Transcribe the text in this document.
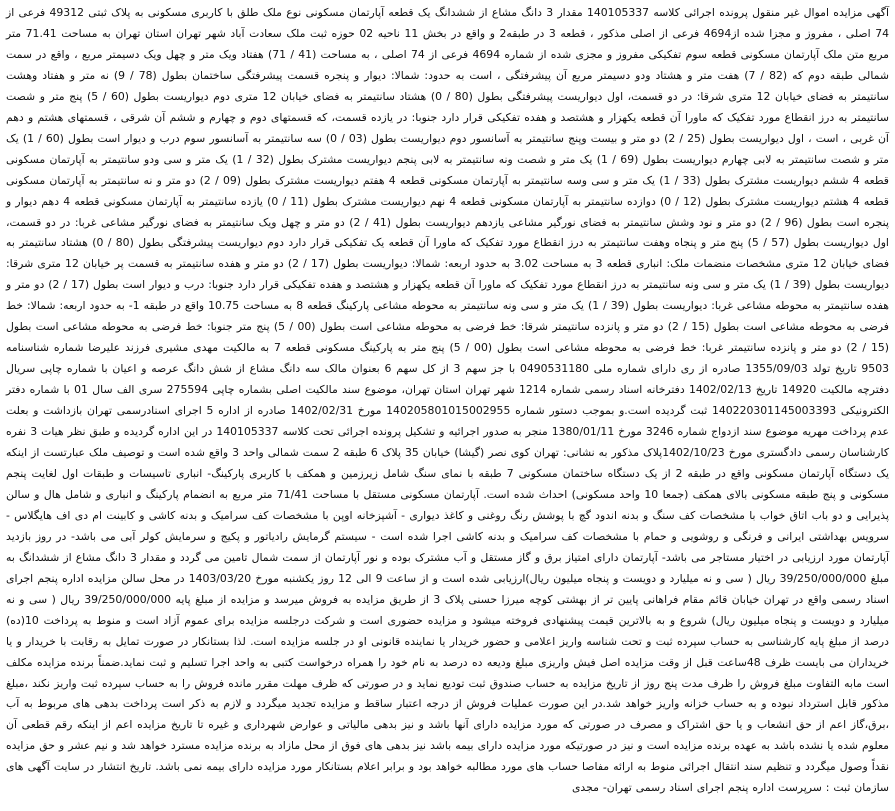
آگهی مزایده اموال غیر منقول پرونده اجرائی کلاسه 140105337 مقدار 3 دانگ مشاع از ششدانگ یک قطعه آپارتمان مسکونی نوع ملک طلق با کاربری مسکونی به پلاک ثبتی 49312 فرعی از 74 اصلی ، مفروز و مجزا شده از4694 فرعی از اصلی مذکور ، قطعه 3 در طبقه2 و واقع در بخش 11 ناحیه 02 حوزه ثبت ملک سعادت آباد شهر تهران استان تهران به مساحت 71.41 متر مربع متن ملک آپارتمان مسکونی قطعه سوم تفکیکی مفروز و مجزی شده از شماره 4694 فرعی از 74 اصلی ، به مساحت (41 / 71) هفتاد ویک متر و چهل ویک دسیمتر مربع ، واقع در سمت شمالی طبقه دوم که (82 / 7) هفت متر و هشتاد ودو دسیمتر مربع آن پیشرفتگی ، است به حدود: شمالا: دیوار و پنجره قسمت پیشرفتگی ساختمان بطول (78 / 9) نه متر و هفتاد وهشت سانتیمتر به فضای خیابان 12 متری شرقا: در دو قسمت، اول دیواریست پیشرفتگی بطول (80 / 0) هشتاد سانتیمتر به فضای خیابان 12 متری دوم دیواریست بطول (60 / 5) پنج متر و شصت سانتیمتر به درز انقطاع مورد تفکیک که ماورا آن قطعه یکهزار و هشتصد و هفده تفکیکی قرار دارد جنوبا: در یازده قسمت، که قسمتهای دوم و چهارم و ششم آن شرقی ، قسمتهای هشتم و دهم آن غربی ، است ، اول دیواریست بطول (25 / 2) دو متر و بیست وپنج سانتیمتر به آسانسور دوم دیواریست بطول (03 / 0) سه سانتیمتر به آسانسور سوم درب و دیوار است بطول (60 / 1) یک متر و شصت سانتیمتر به لابی چهارم دیواریست بطول (69 / 1) یک متر و شصت ونه سانتیمتر به لابی پنجم دیواریست مشترک بطول (32 / 1) یک متر و سی ودو سانتیمتر به آپارتمان مسکونی قطعه 4 ششم دیواریست مشترک بطول (33 / 1) یک متر و سی وسه سانتیمتر به آپارتمان مسکونی قطعه 4 هفتم دیواریست مشترک بطول (09 / 2) دو متر و نه سانتیمتر به آپارتمان مسکونی قطعه 4 هشتم دیواریست مشترک بطول (12 / 0) دوازده سانتیمتر به آپارتمان مسکونی قطعه 4 نهم دیواریست مشترک بطول (11 / 0) یازده سانتیمتر به آپارتمان مسکونی قطعه 4 دهم دیوار و پنجره است بطول (96 / 2) دو متر و نود وشش سانتیمتر به فضای نورگیر مشاعی یازدهم دیواریست بطول (41 / 2) دو متر و چهل ویک سانتیمتر به فضای نورگیر مشاعی غربا: در دو قسمت، اول دیواریست بطول (57 / 5) پنج متر و پنجاه وهفت سانتیمتر به درز انقطاع مورد تفکیک که ماورا آن قطعه یک تفکیکی قرار دارد دوم دیواریست پیشرفتگی بطول (80 / 0) هشتاد سانتیمتر به فضای خیابان 12 متری مشخصات منضمات ملک: انباری قطعه 3 به مساحت 3.02 به حدود اربعه: شمالا: دیواریست بطول (17 / 2) دو متر و هفده سانتیمتر به قسمت پر خیابان 12 متری شرقا: دیواریست بطول (39 / 1) یک متر و سی ونه سانتیمتر به درز انقطاع مورد تفکیک که ماورا آن قطعه یکهزار و هشتصد و هفده تفکیکی قرار دارد جنوبا: درب و دیوار است بطول (17 / 2) دو متر و هفده سانتیمتر به محوطه مشاعی غربا: دیواریست بطول (39 / 1) یک متر و سی ونه سانتیمتر به محوطه مشاعی پارکینگ قطعه 8 به مساحت 10.75 واقع در طبقه 1- به حدود اربعه: شمالا: خط فرضی به محوطه مشاعی است بطول (15 / 2) دو متر و پانزده سانتیمتر شرقا: خط فرضی به محوطه مشاعی است بطول (00 / 5) پنج متر جنوبا: خط فرضی به محوطه مشاعی است بطول (15 / 2) دو متر و پانزده سانتیمتر غربا: خط فرضی به محوطه مشاعی است بطول (00 / 5) پنج متر به پارکینگ مسکونی قطعه 7 به مالکیت مهدی مشیری فرزند علیرضا شماره شناسنامه 9503 تاریخ تولد 1355/09/03 صادره از ری دارای شماره ملی 0490531180 با جز سهم 3 از کل سهم 6 بعنوان مالک سه دانگ مشاع از شش دانگ عرصه و اعیان با شماره چاپی سریال دفترچه مالکیت 14920 تاریخ 1402/02/13 دفترخانه اسناد رسمی شماره 1214 شهر تهران استان تهران، موضوع سند مالکیت اصلی بشماره چاپی 275594 سری الف سال 01 با شماره دفتر الکترونیکی 140220301145003393 ثبت گردیده است.و بموجب دستور شماره 140205801015002955 مورخ 1402/02/31 صادره از اداره 5 اجرای اسنادرسمی تهران بازداشت و بعلت عدم پرداخت مهریه موضوع سند ازدواج شماره 3246 مورخ 1380/01/11 منجر به صدور اجرائیه و تشکیل پرونده اجرائی تحت کلاسه 140105337 در این اداره گردیده و طبق نظر هیات 3 نفره کارشناسان رسمی دادگستری مورخ 1402/10/23پلاک مذکور به نشانی: تهران کوی نصر (گیشا) خیابان 35 پلاک 6 طبقه 2 سمت شمالی واحد 3 واقع شده است و توصیف ملک عبارتست از اینکه یک دستگاه آپارتمان مسکونی واقع در طبقه 2 از یک دستگاه ساختمان مسکونی 7 طبقه با نمای سنگ شامل زیرزمین و همکف با کاربری پارکینگ- انباری تاسیسات و طبقات اول لغایت پنجم مسکونی و پنج طبقه مسکونی بالای همکف (جمعا 10 واحد مسکونی) احداث شده است. آپارتمان مسکونی مستقل با مساحت 71/41 متر مربع به انضمام پارکینگ و انباری و شامل هال و سالن پذیرایی و دو باب اتاق خواب با مشخصات کف سنگ و بدنه اندود گچ با پوشش رنگ روغنی و کاغذ دیواری - آشپزخانه اوپن با مشخصات کف سرامیک و بدنه کاشی و کابینت ام دی اف هایگلاس - سرویس بهداشتی ایرانی و فرنگی و روشویی و حمام با مشخصات کف سرامیک و بدنه کاشی اجرا شده است - سیستم گرمایش رادیاتور و پکیج و سرمایش کولر آبی می باشد- در روز بازدید آپارتمان مورد ارزیابی در اختیار مستاجر می باشد- آپارتمان دارای امتیاز برق و گاز مستقل و آب مشترک بوده و نور آپارتمان از سمت شمال تامین می گردد و مقدار 3 دانگ مشاع از ششدانگ به مبلغ 39/250/000/000 ریال ( سی و نه میلیارد و دویست و پنجاه میلیون ریال)ارزیابی شده است و از ساعت 9 الی 12 روز یکشنبه مورخ 1403/03/20 در محل سالن مزایده اداره پنجم اجرای اسناد رسمی واقع در تهران خیابان قائم مقام فراهانی پایین تر از بهشتی کوچه میرزا حسنی پلاک 3 از طریق مزایده به فروش میرسد و مزایده از مبلغ پایه 39/250/000/000 ریال ( سی و نه میلیارد و دویست و پنجاه میلیون ریال) شروع و به بالاترین قیمت پیشنهادی فروخته میشود و مزایده حضوری است و شرکت درجلسه مزایده برای عموم آزاد است و منوط به پرداخت 10(ده) درصد از مبلغ پایه کارشناسی به حساب سپرده ثبت و تحت شناسه واریز اعلامی و حضور خریدار یا نماینده قانونی او در جلسه مزایده است. لذا بستانکار در صورت تمایل به رقابت با خریدار و یا خریداران می بایست ظرف 48ساعت قبل از وقت مزایده اصل فیش واریزی مبلغ ودیعه ده درصد به نام خود را همراه درخواست کتبی به واحد اجرا تسلیم و ثبت نماید.ضمناً برنده مزایده مکلف است مابه التفاوت مبلغ فروش را ظرف مدت پنج روز از تاریخ مزایده به حساب صندوق ثبت تودیع نماید و در صورتی که ظرف مهلت مقرر مانده فروش را به حساب سپرده ثبت واریز نکند ،مبلغ مذکور قابل استرداد نبوده و به حساب خزانه واریز خواهد شد.در این صورت عملیات فروش از درجه اعتبار ساقط و مزایده تجدید میگردد و لازم به ذکر است پرداخت بدهی های مربوط به آب ،برق،گاز اعم از حق انشعاب و یا حق اشتراک و مصرف در صورتی که مورد مزایده دارای آنها باشد و نیز بدهی مالیاتی و عوارض شهرداری و غیره تا تاریخ مزایده اعم از اینکه رقم قطعی آن معلوم شده یا نشده باشد به عهده برنده مزایده است و نیز در صورتیکه مورد مزایده دارای بیمه باشد نیز بدهی های فوق از محل مازاد به برنده مزایده مسترد خواهد شد و نیم عشر و حق مزایده نقداً وصول میگردد و تنظیم سند انتقال اجرائی منوط به ارائه مفاصا حساب های مورد مطالبه خواهد بود و برابر اعلام بستانکار مورد مزایده دارای بیمه نمی باشد. تاریخ انتشار در سایت آگهی های سازمان ثبت : سرپرست اداره پنجم اجرای اسناد رسمی تهران- مجدی
